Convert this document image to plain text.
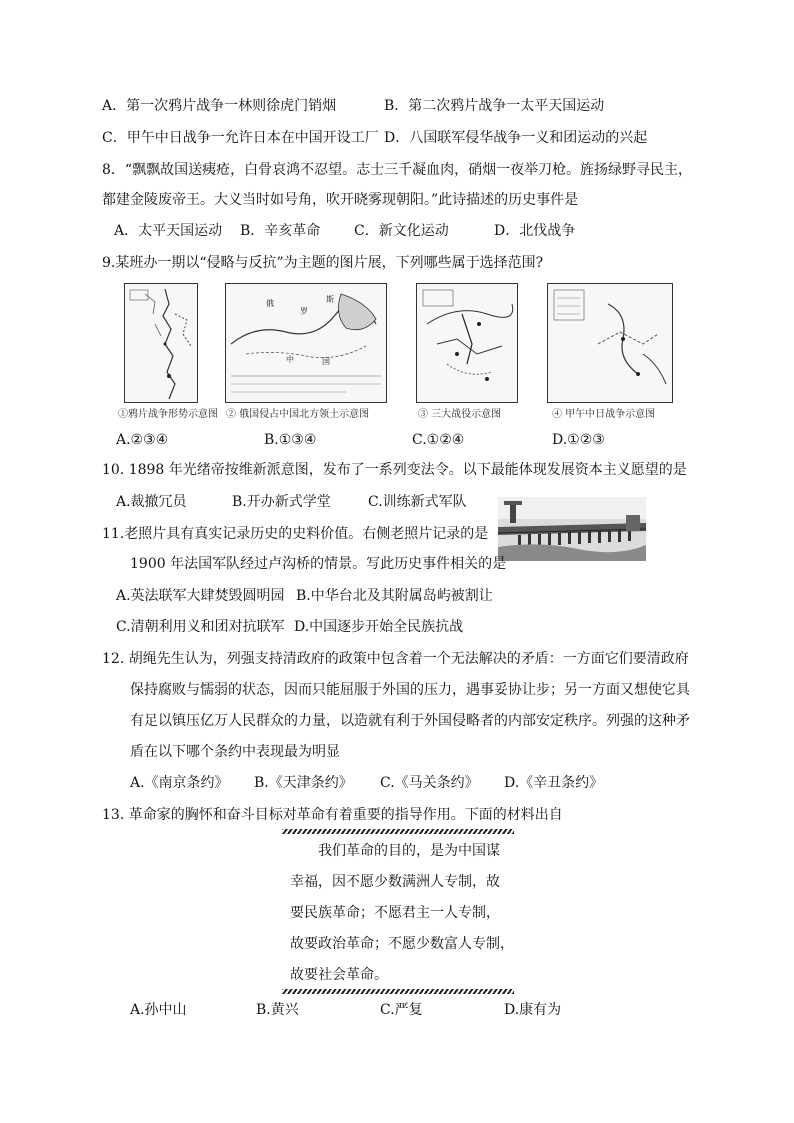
A．第一次鸦片战争一林则徐虎门销烟	B．第二次鸦片战争一太平天国运动
C．甲午中日战争一允许日本在中国开设工厂 D．八国联军侵华战争一义和团运动的兴起
8．“飘飘故国送痍疮，白骨哀鸿不忍望。志士三千凝血肉，硝烟一夜举刀枪。旌扬绿野寻民主，
都建金陵废帝王。大义当时如号角，吹开晓雾现朝阳。”此诗描述的历史事件是
A．太平天国运动 B．辛亥革命 C．新文化运动	D．北伐战争
9.某班办一期以“侵略与反抗”为主题的图片展，下列哪些属于选择范围?
俄
罗
斯
中	国
①鸦片战争形势示意图 ② 俄国侵占中国北方领土示意图	③ 三大战役示意图	④ 甲午中日战争示意图
A.②③④	B.①③④	C.①②④	D.①②③
10. 1898 年光绪帝按维新派意图，发布了一系列变法令。以下最能体现发展资本主义愿望的是
A.裁撤冗员	B.开办新式学堂	C.训练新式军队
11.老照片具有真实记录历史的史料价值。右侧老照片记录的是
1900 年法国军队经过卢沟桥的情景。写此历史事件相关的是
A.英法联军大肆焚毁圆明园 B.中华台北及其附属岛屿被割让
C.清朝利用义和团对抗联军 D.中国逐步开始全民族抗战
12. 胡绳先生认为，列强支持清政府的政策中包含着一个无法解决的矛盾：一方面它们要清政府
保持腐败与懦弱的状态，因而只能屈服于外国的压力，遇事妥协让步；另一方面又想使它具
有足以镇压亿万人民群众的力量，以造就有利于外国侵略者的内部安定秩序。列强的这种矛
盾在以下哪个条约中表现最为明显
A.《南京条约》 B.《天津条约》 C.《马关条约》 D.《辛丑条约》
13. 革命家的胸怀和奋斗目标对革命有着重要的指导作用。下面的材料出自
我们革命的目的，是为中国谋
幸福，因不愿少数满洲人专制，故
要民族革命；不愿君主一人专制，
故要政治革命；不愿少数富人专制，
故要社会革命。
A.孙中山	B.黄兴	C.严复	D.康有为
